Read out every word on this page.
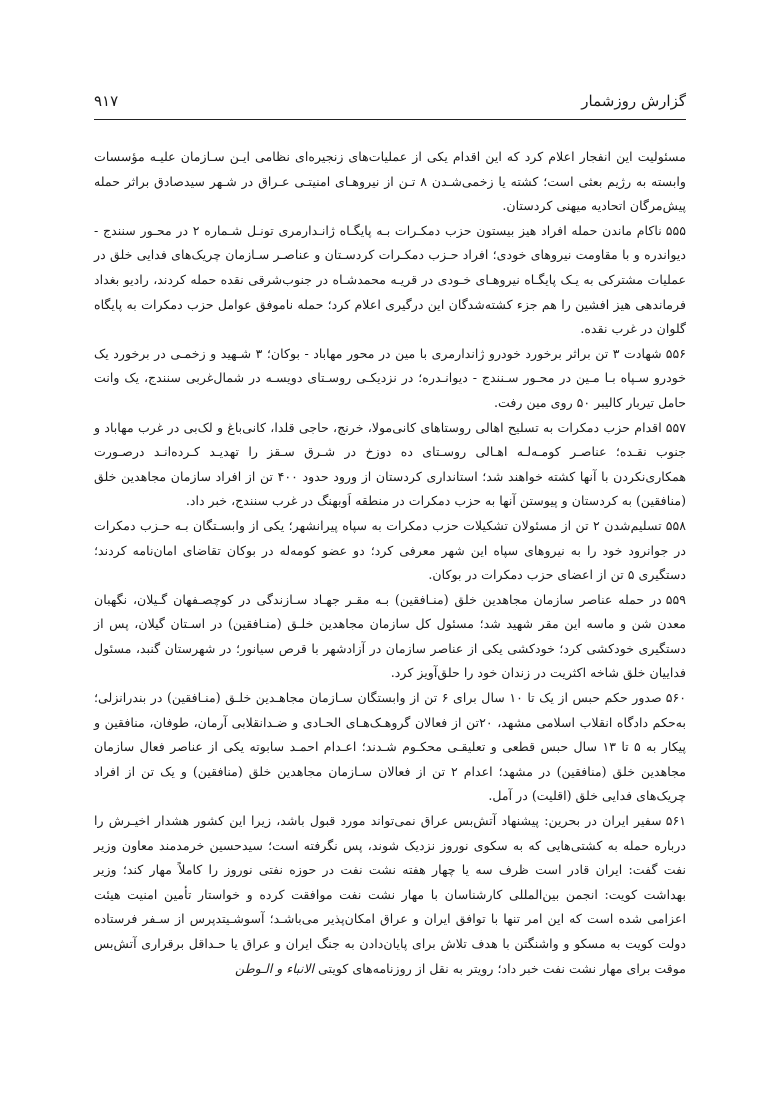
گزارش روزشمار
۹۱۷

مسئولیت این انفجار اعلام کرد که این اقدام یکی از عملیات‌های زنجیره‌ای نظامی ایـن سـازمان علیـه مؤسسات وابسته به رژیم بعثی است؛ کشته یا زخمی‌شـدن ۸ تـن از نیروهـای امنیتـی عـراق در شـهر سیدصادق براثر حمله پیش‌مرگان اتحادیه میهنی کردستان.

۵۵۵ناکام ماندن حمله افراد هیز بیستون حزب دمکـرات بـه پایگـاه ژانـدارمری تونـل شـماره ۲ در محـور سنندج - دیواندره و با مقاومت نیروهای خودی؛ افراد حـزب دمکـرات کردسـتان و عناصـر سـازمان چریک‌های فدایی خلق در عملیات مشترکی به یـک پایگـاه نیروهـای خـودی در قریـه محمدشـاه در جنوب‌شرقی نقده حمله کردند، رادیو بغداد فرماندهی هیز افشین را هم جزء کشته‌شدگان این درگیری اعلام کرد؛ حمله ناموفق عوامل حزب دمکرات به پایگاه گلوان در غرب نقده.

۵۵۶شهادت ۳ تن براثر برخورد خودرو ژاندارمری با مین در محور مهاباد - بوکان؛ ۳ شـهید و زخمـی در برخورد یک خودرو سـپاه بـا مـین در محـور سـنندج - دیوانـدره؛ در نزدیکـی روسـتای دویسـه در شمال‌غربی سنندج، یک وانت حامل تیربار کالیبر ۵۰ روی مین رفت.

۵۵۷اقدام حزب دمکرات به تسلیح اهالی روستاهای کانی‌مولا، خرنج، حاجی قلدا، کانی‌باغ و لک‌بی در غرب مهاباد و جنوب نقـده؛ عناصـر کومـه‌لـه اهـالی روسـتای ده دوزخ در شـرق سـقز را تهدیـد کـرده‌انـد درصـورت همکاری‌نکردن با آنها کشته خواهند شد؛ استانداری کردستان از ورود حدود ۴۰۰ تن از افراد سازمان مجاهدین خلق (منافقین) به کردستان و پیوستن آنها به حزب دمکرات در منطقه اَوبهنگ در غرب سنندج، خبر داد.

۵۵۸تسلیم‌شدن ۲ تن از مسئولان تشکیلات حزب دمکرات به سپاه پیرانشهر؛ یکی از وابسـتگان بـه حـزب دمکرات در جوانرود خود را به نیروهای سپاه این شهر معرفی کرد؛ دو عضو کومه‌له در بوکان تقاضای امان‌نامه کردند؛ دستگیری ۵ تن از اعضای حزب دمکرات در بوکان.

۵۵۹در حمله عناصر سازمان مجاهدین خلق (منـافقین) بـه مقـر جهـاد سـازندگی در کوچصـفهان گـیلان، نگهبان معدن شن و ماسه این مقر شهید شد؛ مسئول کل سازمان مجاهدین خلـق (منـافقین) در اسـتان گیلان، پس از دستگیری خودکشی کرد؛ خودکشی یکی از عناصر سازمان در آزادشهر با قرص سیانور؛ در شهرستان گنبد، مسئول فداییان خلق شاخه اکثریت در زندان خود را حلق‌آویز کرد.

۵۶۰صدور حکم حبس از یک تا ۱۰ سال برای ۶ تن از وابستگان سـازمان مجاهـدین خلـق (منـافقین) در بندرانزلی؛ به‌حکم دادگاه انقلاب اسلامی مشهد، ۲۰تن از فعالان گروهـک‌هـای الحـادی و ضـدانقلابی آرمان، طوفان، منافقین و پیکار به ۵ تا ۱۳ سال حبس قطعی و تعلیقـی محکـوم شـدند؛ اعـدام احمـد سابوته یکی از عناصر فعال سازمان مجاهدین خلق (منافقین) در مشهد؛ اعدام ۲ تن از فعالان سـازمان مجاهدین خلق (منافقین) و یک تن از افراد چریک‌های فدایی خلق (اقلیت) در آمل.

۵۶۱سفیر ایران در بحرین: پیشنهاد آتش‌بس عراق نمی‌تواند مورد قبول باشد، زیرا این کشور هشدار اخیـرش را درباره حمله به کشتی‌هایی که به سکوی نوروز نزدیک شوند، پس نگرفته است؛ سیدحسین خرمدمند معاون وزیر نفت گفت: ایران قادر است ظرف سه یا چهار هفته نشت نفت در حوزه نفتی نوروز را کاملاً مهار کند؛ وزیر بهداشت کویت: انجمن بین‌المللی کارشناسان با مهار نشت نفت موافقت کرده و خواستار تأمین امنیت هیئت اعزامی شده است که این امر تنها با توافق ایران و عراق امکان‌پذیر می‌باشـد؛ آسوشـیتدپرس از سـفر فرستاده دولت کویت به مسکو و واشنگتن با هدف تلاش برای پایان‌دادن به جنگ ایران و عراق یا حـداقل برقراری آتش‌بس موقت برای مهار نشت نفت خبر داد؛ رویتر به نقل از روزنامه‌های کویتی الانباء و الـوطن
